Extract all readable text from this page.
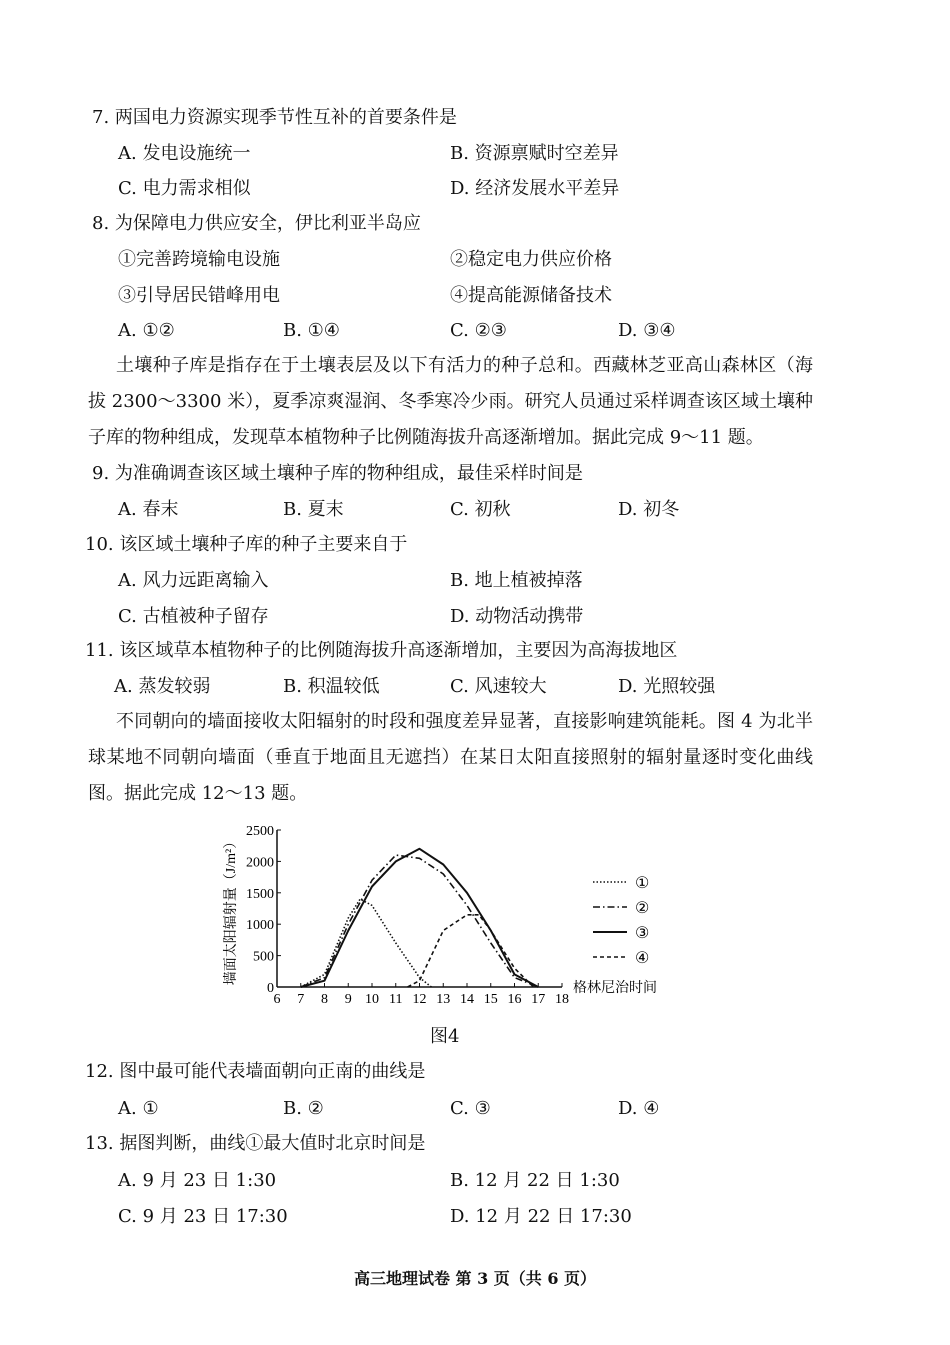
7. 两国电力资源实现季节性互补的首要条件是
A. 发电设施统一	B. 资源禀赋时空差异
C. 电力需求相似	D. 经济发展水平差异
8. 为保障电力供应安全，伊比利亚半岛应
①完善跨境输电设施	②稳定电力供应价格
③引导居民错峰用电	④提高能源储备技术
A. ①②	B. ①④	C. ②③	D. ③④
土壤种子库是指存在于土壤表层及以下有活力的种子总和。西藏林芝亚高山森林区（海拔 2300～3300 米），夏季凉爽湿润、冬季寒冷少雨。研究人员通过采样调查该区域土壤种子库的物种组成，发现草本植物种子比例随海拔升高逐渐增加。据此完成 9～11 题。
9. 为准确调查该区域土壤种子库的物种组成，最佳采样时间是
A. 春末	B. 夏末	C. 初秋	D. 初冬
10. 该区域土壤种子库的种子主要来自于
A. 风力远距离输入	B. 地上植被掉落
C. 古植被种子留存	D. 动物活动携带
11. 该区域草本植物种子的比例随海拔升高逐渐增加，主要因为高海拔地区
A. 蒸发较弱	B. 积温较低	C. 风速较大	D. 光照较强
不同朝向的墙面接收太阳辐射的时段和强度差异显著，直接影响建筑能耗。图 4 为北半球某地不同朝向墙面（垂直于地面且无遮挡）在某日太阳直接照射的辐射量逐时变化曲线图。据此完成 12～13 题。
6 7 8 9 10 11 12 13 14 15 16 17 18
0
500
1000
1500
2000
2500
①
②
③
④
墙面太阳辐射量（J/m²）
格林尼治时间
图4
12. 图中最可能代表墙面朝向正南的曲线是
A. ①	B. ②	C. ③	D. ④
13. 据图判断，曲线①最大值时北京时间是
A. 9 月 23 日 1:30	B. 12 月 22 日 1:30
C. 9 月 23 日 17:30	D. 12 月 22 日 17:30
高三地理试卷 第 3 页（共 6 页）
